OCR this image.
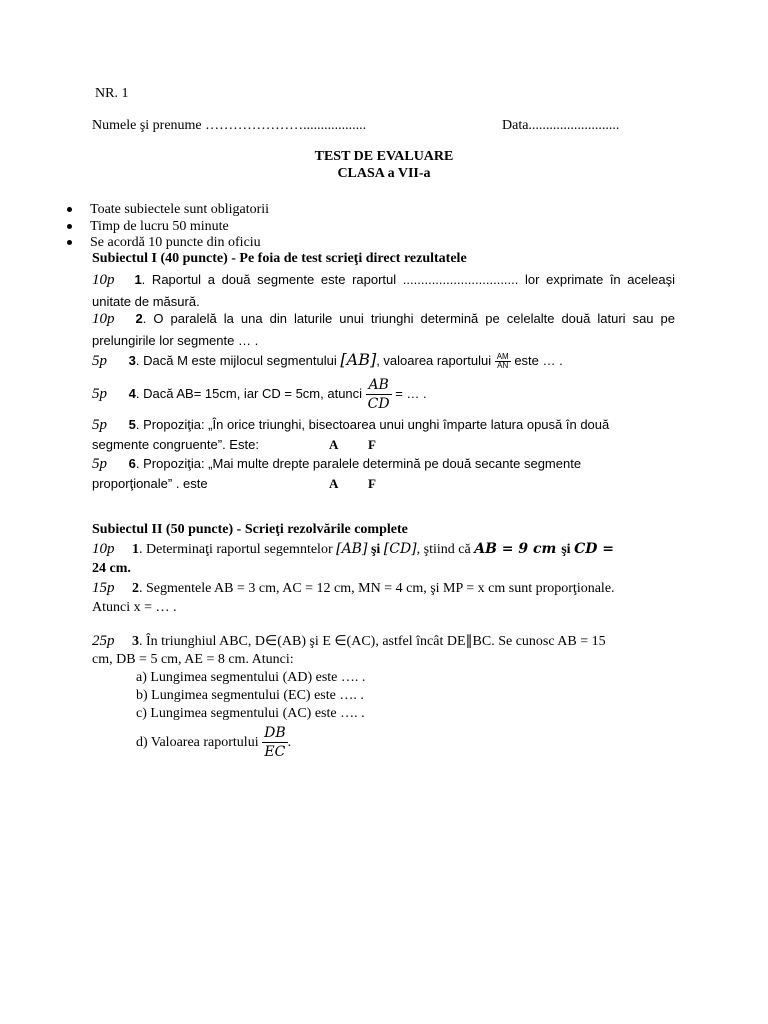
NR. 1
Numele şi prenume …………………..................	Data..........................
TEST DE EVALUARE
CLASA a VII-a
Toate subiectele sunt obligatorii
Timp de lucru 50 minute
Se acordă 10 puncte din oficiu
Subiectul I (40 puncte) - Pe foia de test scrieţi direct rezultatele
10p 1. Raportul a două segmente este raportul ................................ lor exprimate în aceleaşi unitate de măsură.
10p 2. O paralelă la una din laturile unui triunghi determină pe celelalte două laturi sau pe prelungirile lor segmente … .
5p 3. Dacă M este mijlocul segmentului [AB], valoarea raportului $\frac{AM}{AN}$ este … .
5p 4. Dacă AB= 15cm, iar CD = 5cm, atunci $\frac{AB}{CD}$ = … .
5p 5. Propoziţia: „În orice triunghi, bisectoarea unui unghi împarte latura opusă în două
segmente congruente”. Este:	A F
5p 6. Propoziţia: „Mai multe drepte paralele determină pe două secante segmente
proporţionale” . este	A F
Subiectul II (50 puncte) - Scrieţi rezolvările complete
10p 1. Determinaţi raportul segemntelor [AB] şi [CD], ştiind că AB = 9 cm şi CD =
24 cm.
15p 2. Segmentele AB = 3 cm, AC = 12 cm, MN = 4 cm, şi MP = x cm sunt proporţionale.
Atunci x = … .
25p 3. În triunghiul ABC, D∈(AB) şi E ∈(AC), astfel încât DE∥BC. Se cunosc AB = 15
cm, DB = 5 cm, AE = 8 cm. Atunci:
a) Lungimea segmentului (AD) este …. .
b) Lungimea segmentului (EC) este …. .
c) Lungimea segmentului (AC) este …. .
d) Valoarea raportului $\frac{DB}{EC}$ .
